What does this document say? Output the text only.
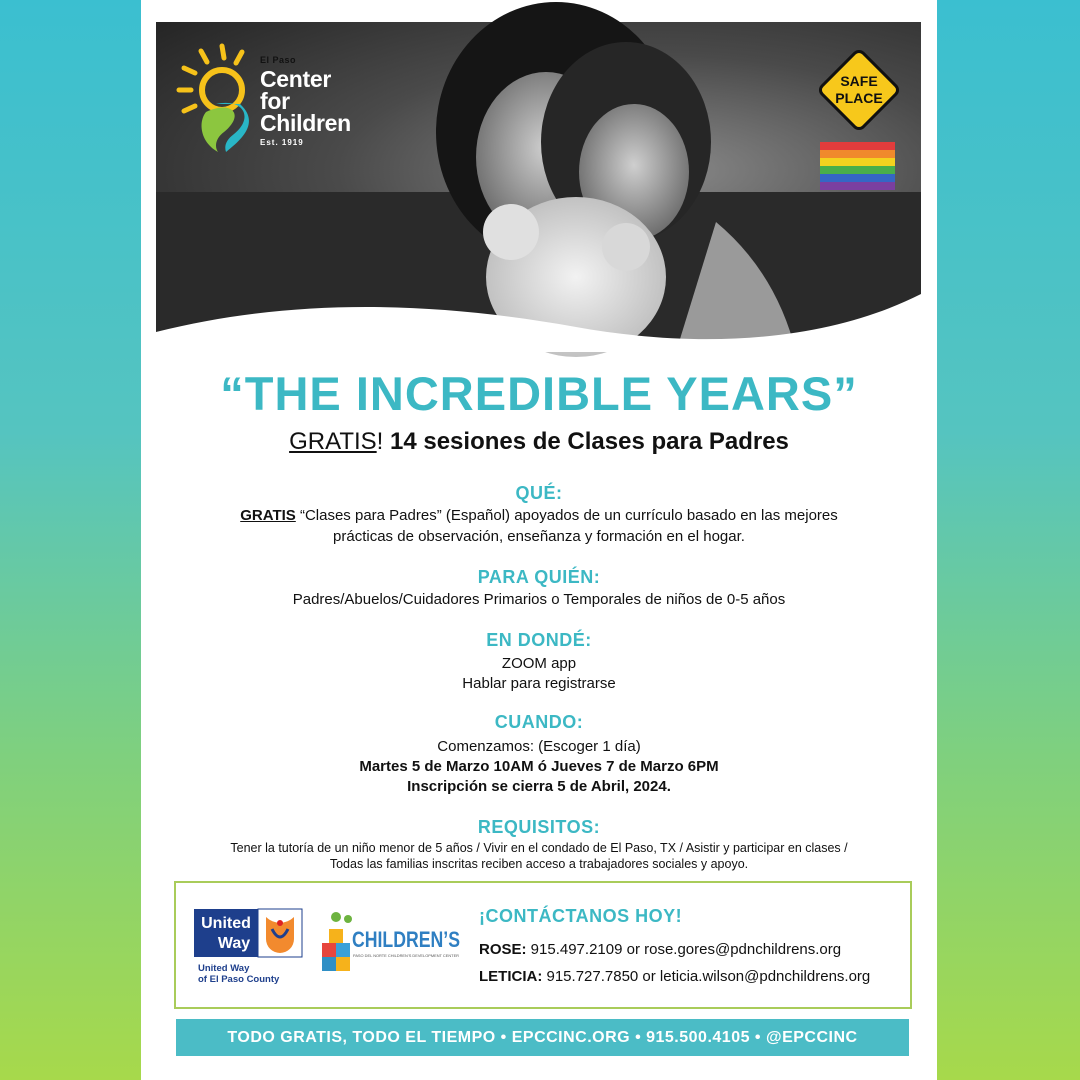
El Paso
Center
for
Children
Est. 1919
SAFE
PLACE
“THE INCREDIBLE YEARS”
GRATIS! 14 sesiones de Clases para Padres
QUÉ:
GRATIS “Clases para Padres” (Español) apoyados de un currículo basado en las mejores
prácticas de observación, enseñanza y formación en el hogar.
PARA QUIÉN:
Padres/Abuelos/Cuidadores Primarios o Temporales de niños de 0-5 años
EN DONDÉ:
ZOOM app
Hablar para registrarse
CUANDO:
Comenzamos: (Escoger 1 día)
Martes 5 de Marzo 10AM ó Jueves 7 de Marzo 6PM
Inscripción se cierra 5 de Abril, 2024.
REQUISITOS:
Tener la tutoría de un niño menor de 5 años / Vivir en el condado de El Paso, TX / Asistir y participar en clases /
Todas las familias inscritas reciben acceso a trabajadores sociales y apoyo.
United
Way
United Way
of El Paso County
CHILDREN’S
PASO DEL NORTE CHILDREN’S DEVELOPMENT CENTER
¡CONTÁCTANOS HOY!
ROSE: 915.497.2109 or rose.gores@pdnchildrens.org
LETICIA: 915.727.7850 or leticia.wilson@pdnchildrens.org
TODO GRATIS, TODO EL TIEMPO • EPCCINC.ORG • 915.500.4105 • @EPCCINC
